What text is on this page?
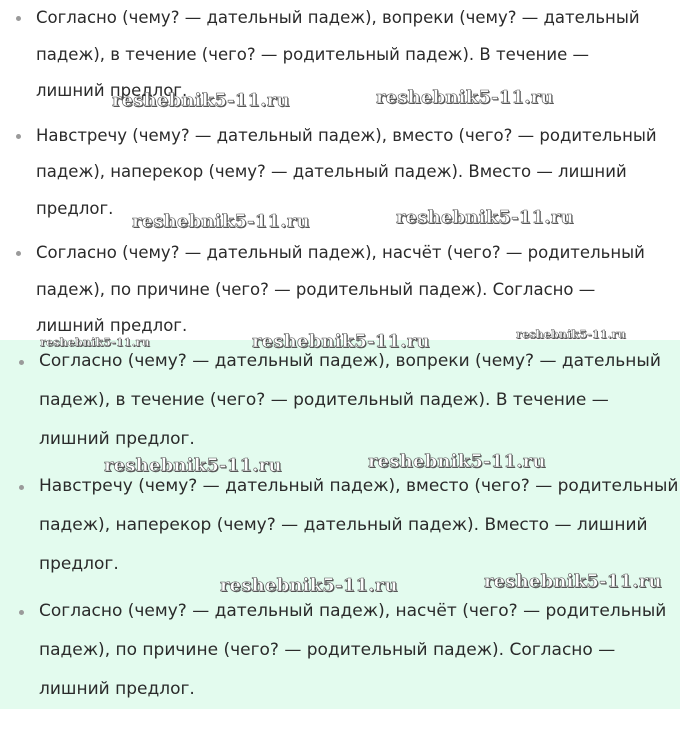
Согласно (чему? — дательный падеж), вопреки (чему? — дательный падеж), в течение (чего? — родительный падеж). В течение — лишний предлог.
Навстречу (чему? — дательный падеж), вместо (чего? — родительный падеж), наперекор (чему? — дательный падеж). Вместо — лишний предлог.
Согласно (чему? — дательный падеж), насчёт (чего? — родительный падеж), по причине (чего? — родительный падеж). Согласно — лишний предлог.
Согласно (чему? — дательный падеж), вопреки (чему? — дательный падеж), в течение (чего? — родительный падеж). В течение — лишний предлог.
Навстречу (чему? — дательный падеж), вместо (чего? — родительный падеж), наперекор (чему? — дательный падеж). Вместо — лишний предлог.
Согласно (чему? — дательный падеж), насчёт (чего? — родительный падеж), по причине (чего? — родительный падеж). Согласно — лишний предлог.
reshebnik5-11.ru	reshebnik5-11.ru
reshebnik5-11.ru	reshebnik5-11.ru
reshebnik5-11.ru	reshebnik5-11.ru	reshebnik5-11.ru
reshebnik5-11.ru	reshebnik5-11.ru
reshebnik5-11.ru	reshebnik5-11.ru
